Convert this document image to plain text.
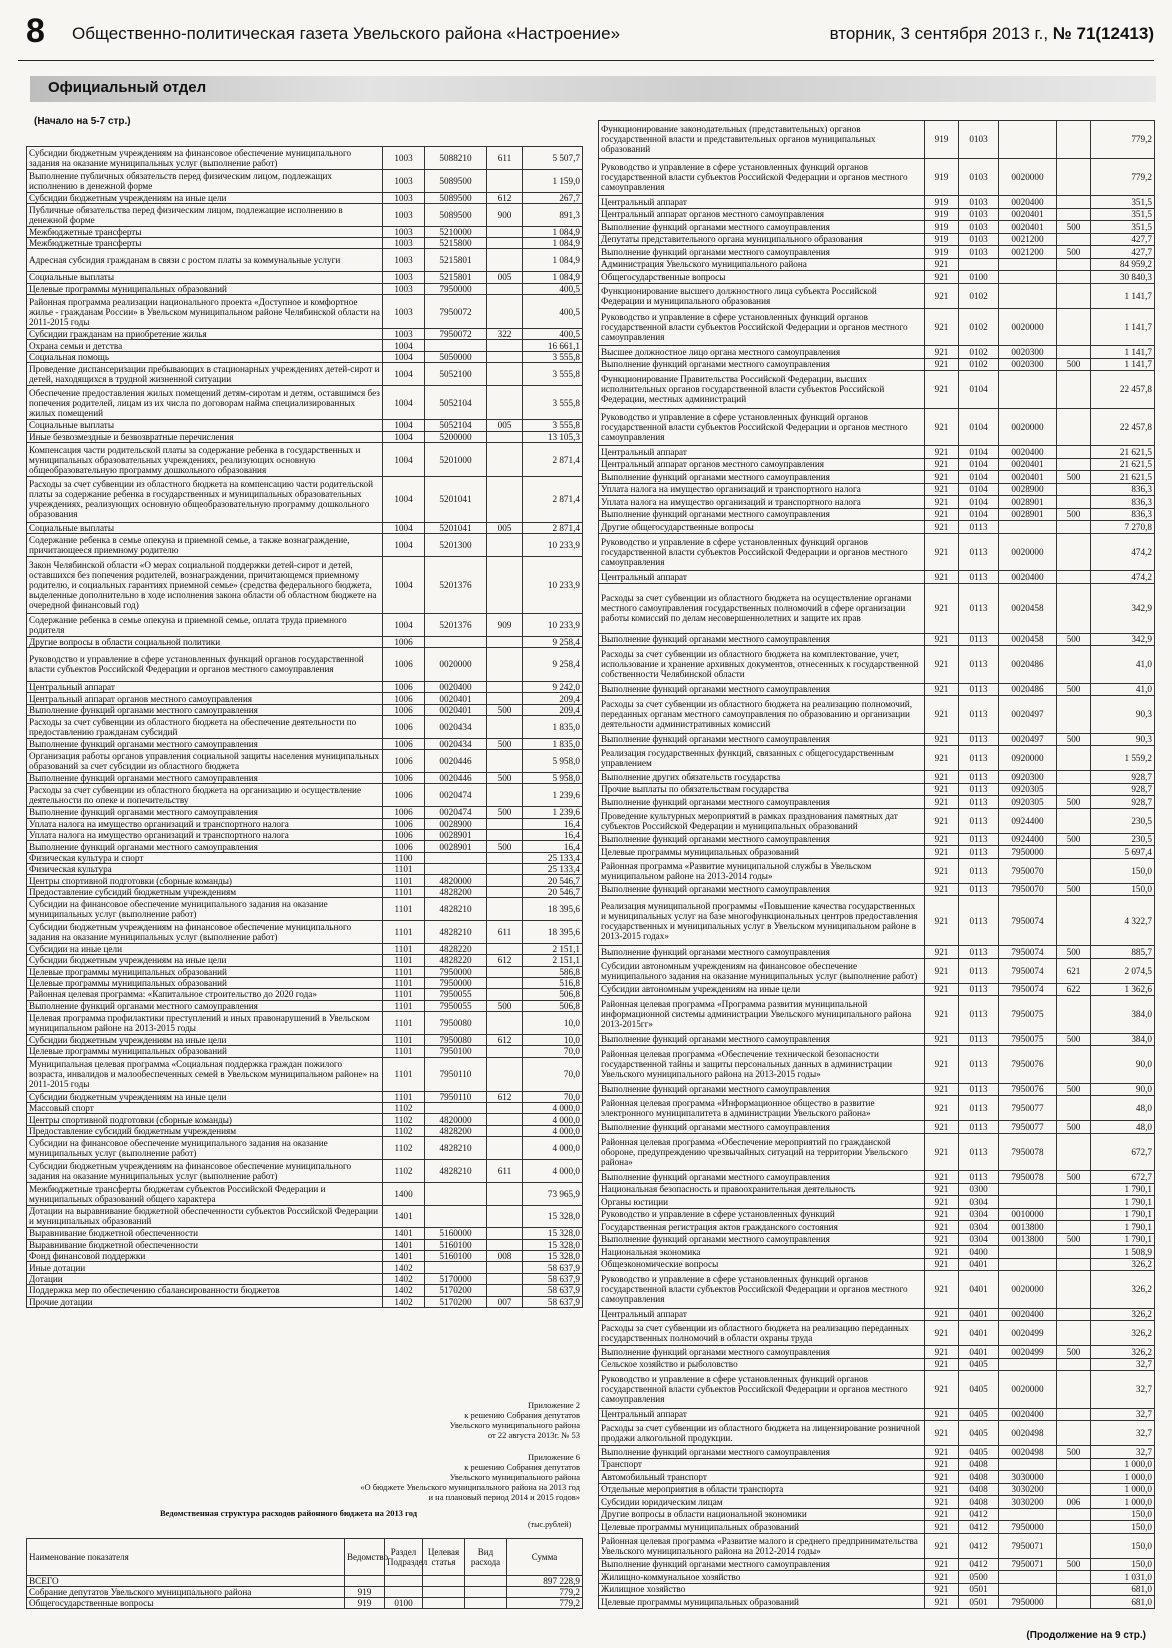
8 Общественно-политическая газета Увельского района «Настроение»	вторник, 3 сентября 2013 г., № 71(12413)
Официальный отдел
(Начало на 5-7 стр.)
Субсидии бюджетным учреждениям на финансовое обеспечение муниципального задания на оказание муниципальных услуг (выполнение работ)	1003	5088210	611	5 507,7
Выполнение публичных обязательств перед физическим лицом, подлежащих исполнению в денежной форме	1003	5089500		1 159,0
Субсидии бюджетным учреждениям на иные цели	1003	5089500	612	267,7
Публичные обязательства перед физическим лицом, подлежащие исполнению в денежной форме	1003	5089500	900	891,3
Межбюджетные трансферты	1003	5210000		1 084,9
Межбюджетные трансферты	1003	5215800		1 084,9
Адресная субсидия гражданам в связи с ростом платы за коммунальные услуги	1003	5215801		1 084,9
Социальные выплаты	1003	5215801	005	1 084,9
Целевые программы муниципальных образований	1003	7950000		400,5
Районная программа реализации национального проекта «Доступное и комфортное жилье - гражданам России» в Увельском муниципальном районе Челябинской области на 2011-2015 годы	1003	7950072		400,5
Субсидии гражданам на приобретение жилья	1003	7950072	322	400,5
Охрана семьи и детства	1004			16 661,1
Социальная помощь	1004	5050000		3 555,8
Проведение диспансеризации пребывающих в стационарных учреждениях детей-сирот и детей, находящихся в трудной жизненной ситуации	1004	5052100		3 555,8
Обеспечение предоставления жилых помещений детям-сиротам и детям, оставшимся без попечения родителей, лицам из их числа по договорам найма специализированных жилых помещений	1004	5052104		3 555,8
Социальные выплаты	1004	5052104	005	3 555,8
Иные безвозмездные и безвозвратные перечисления	1004	5200000		13 105,3
Компенсация части родительской платы за содержание ребенка в государственных и муниципальных образовательных учреждениях, реализующих основную общеобразовательную программу дошкольного образования	1004	5201000		2 871,4
Расходы за счет субвенции из областного бюджета на компенсацию части родительской платы за содержание ребенка в государственных и муниципальных образовательных учреждениях, реализующих основную общеобразовательную программу дошкольного образования	1004	5201041		2 871,4
Социальные выплаты	1004	5201041	005	2 871,4
Содержание ребенка в семье опекуна и приемной семье, а также вознаграждение, причитающееся приемному родителю	1004	5201300		10 233,9
Закон Челябинской области «О мерах социальной поддержки детей-сирот и детей, оставшихся без попечения родителей, вознаграждении, причитающемся приемному родителю, и социальных гарантиях приемной семье» (средства федерального бюджета, выделенные дополнительно в ходе исполнения закона области об областном бюджете на очередной финансовый год)	1004	5201376		10 233,9
Содержание ребенка в семье опекуна и приемной семье, оплата труда приемного родителя	1004	5201376	909	10 233,9
Другие вопросы в области социальной политики	1006			9 258,4
Руководство и управление в сфере установленных функций органов государственной власти субъектов Российской Федерации и органов местного самоуправления	1006	0020000		9 258,4
Центральный аппарат	1006	0020400		9 242,0
Центральный аппарат органов местного самоуправления	1006	0020401		209,4
Выполнение функций органами местного самоуправления	1006	0020401	500	209,4
Расходы за счет субвенции из областного бюджета на обеспечение деятельности по предоставлению гражданам субсидий	1006	0020434		1 835,0
Выполнение функций органами местного самоуправления	1006	0020434	500	1 835,0
Организация работы органов управления социальной защиты населения муниципальных образований за счет субсидии из областного бюджета	1006	0020446		5 958,0
Выполнение функций органами местного самоуправления	1006	0020446	500	5 958,0
Расходы за счет субвенции из областного бюджета на организацию и осуществление деятельности по опеке и попечительству	1006	0020474		1 239,6
Выполнение функций органами местного самоуправления	1006	0020474	500	1 239,6
Уплата налога на имущество организаций и транспортного налога	1006	0028900		16,4
Уплата налога на имущество организаций и транспортного налога	1006	0028901		16,4
Выполнение функций органами местного самоуправления	1006	0028901	500	16,4
Физическая культура и спорт	1100			25 133,4
Физическая культура	1101			25 133,4
Центры спортивной подготовки (сборные команды)	1101	4820000		20 546,7
Предоставление субсидий бюджетным учреждениям	1101	4828200		20 546,7
Субсидии на финансовое обеспечение муниципального задания на оказание муниципальных услуг (выполнение работ)	1101	4828210		18 395,6
Субсидии бюджетным учреждениям на финансовое обеспечение муниципального задания на оказание муниципальных услуг (выполнение работ)	1101	4828210	611	18 395,6
Субсидии на иные цели	1101	4828220		2 151,1
Субсидии бюджетным учреждениям на иные цели	1101	4828220	612	2 151,1
Целевые программы муниципальных образований	1101	7950000		586,8
Целевые программы муниципальных образований	1101	7950000		516,8
Районная целевая программа: «Капитальное строительство до 2020 года»	1101	7950055		506,8
Выполнение функций органами местного самоуправления	1101	7950055	500	506,8
Целевая программа профилактики преступлений и иных правонарушений в Увельском муниципальном районе на 2013-2015 годы	1101	7950080		10,0
Субсидии бюджетным учреждениям на иные цели	1101	7950080	612	10,0
Целевые программы муниципальных образований	1101	7950100		70,0
Муниципальная целевая программа «Социальная поддержка граждан пожилого возраста, инвалидов и малообеспеченных семей в Увельском муниципальном районе» на 2011-2015 годы	1101	7950110		70,0
Субсидии бюджетным учреждениям на иные цели	1101	7950110	612	70,0
Массовый спорт	1102			4 000,0
Центры спортивной подготовки (сборные команды)	1102	4820000		4 000,0
Предоставление субсидий бюджетным учреждениям	1102	4828200		4 000,0
Субсидии на финансовое обеспечение муниципального задания на оказание муниципальных услуг (выполнение работ)	1102	4828210		4 000,0
Субсидии бюджетным учреждениям на финансовое обеспечение муниципального задания на оказание муниципальных услуг (выполнение работ)	1102	4828210	611	4 000,0
Межбюджетные трансферты бюджетам субъектов Российской Федерации и муниципальных образований общего характера	1400			73 965,9
Дотации на выравнивание бюджетной обеспеченности субъектов Российской Федерации и муниципальных образований	1401			15 328,0
Выравнивание бюджетной обеспеченности	1401	5160000		15 328,0
Выравнивание бюджетной обеспеченности	1401	5160100		15 328,0
Фонд финансовой поддержки	1401	5160100	008	15 328,0
Иные дотации	1402			58 637,9
Дотации	1402	5170000		58 637,9
Поддержка мер по обеспечению сбалансированности бюджетов	1402	5170200		58 637,9
Прочие дотации	1402	5170200	007	58 637,9
Приложение 2
к решению Собрания депутатов
Увельского муниципального района
от 22 августа 2013г. № 53
Приложение 6
к решению Собрания депутатов
Увельского муниципального района
«О бюджете Увельского муниципального района на 2013 год
и на плановый период 2014 и 2015 годов»
Ведомственная структура расходов районного бюджета на 2013 год
(тыс.рублей)
Наименование показателя	Ведомство	Раздел Подраздел	Целевая статья	Вид расхода	Сумма
ВСЕГО					897 228,9
Собрание депутатов Увельского муниципального района	919				779,2
Общегосударственные вопросы	919	0100			779,2
Функционирование законодательных (представительных) органов государственной власти и представительных органов муниципальных образований	919	0103			779,2
Руководство и управление в сфере установленных функций органов государственной власти субъектов Российской Федерации и органов местного самоуправления	919	0103	0020000		779,2
Центральный аппарат	919	0103	0020400		351,5
Центральный аппарат органов местного самоуправления	919	0103	0020401		351,5
Выполнение функций органами местного самоуправления	919	0103	0020401	500	351,5
Депутаты представительного органа муниципального образования	919	0103	0021200		427,7
Выполнение функций органами местного самоуправления	919	0103	0021200	500	427,7
Администрация Увельского муниципального района	921				84 959,2
Общегосударственные вопросы	921	0100			30 840,3
Функционирование высшего должностного лица субъекта Российской Федерации и муниципального образования	921	0102			1 141,7
Руководство и управление в сфере установленных функций органов государственной власти субъектов Российской Федерации и органов местного самоуправления	921	0102	0020000		1 141,7
Высшее должностное лицо органа местного самоуправления	921	0102	0020300		1 141,7
Выполнение функций органами местного самоуправления	921	0102	0020300	500	1 141,7
Функционирование Правительства Российской Федерации, высших исполнительных органов государственной власти субъектов Российской Федерации, местных администраций	921	0104			22 457,8
Руководство и управление в сфере установленных функций органов государственной власти субъектов Российской Федерации и органов местного самоуправления	921	0104	0020000		22 457,8
Центральный аппарат	921	0104	0020400		21 621,5
Центральный аппарат органов местного самоуправления	921	0104	0020401		21 621,5
Выполнение функций органами местного самоуправления	921	0104	0020401	500	21 621,5
Уплата налога на имущество организаций и транспортного налога	921	0104	0028900		836,3
Уплата налога на имущество организаций и транспортного налога	921	0104	0028901		836,3
Выполнение функций органами местного самоуправления	921	0104	0028901	500	836,3
Другие общегосударственные вопросы	921	0113			7 270,8
Руководство и управление в сфере установленных функций органов государственной власти субъектов Российской Федерации и органов местного самоуправления	921	0113	0020000		474,2
Центральный аппарат	921	0113	0020400		474,2
Расходы за счет субвенции из областного бюджета на осуществление органами местного самоуправления государственных полномочий в сфере организации работы комиссий по делам несовершеннолетних и защите их прав	921	0113	0020458		342,9
Выполнение функций органами местного самоуправления	921	0113	0020458	500	342,9
Расходы за счет субвенции из областного бюджета на комплектование, учет, использование и хранение архивных документов, отнесенных к государственной собственности Челябинской области	921	0113	0020486		41,0
Выполнение функций органами местного самоуправления	921	0113	0020486	500	41,0
Расходы за счет субвенции из областного бюджета на реализацию полномочий, переданных органам местного самоуправления по образованию и организации деятельности административных комиссий	921	0113	0020497		90,3
Выполнение функций органами местного самоуправления	921	0113	0020497	500	90,3
Реализация государственных функций, связанных с общегосударственным управлением	921	0113	0920000		1 559,2
Выполнение других обязательств государства	921	0113	0920300		928,7
Прочие выплаты по обязательствам государства	921	0113	0920305		928,7
Выполнение функций органами местного самоуправления	921	0113	0920305	500	928,7
Проведение культурных мероприятий в рамках празднования памятных дат субъектов Российской Федерации и муниципальных образований	921	0113	0924400		230,5
Выполнение функций органами местного самоуправления	921	0113	0924400	500	230,5
Целевые программы муниципальных образований	921	0113	7950000		5 697,4
Районная программа «Развитие муниципальной службы в Увельском муниципальном районе на 2013-2014 годы»	921	0113	7950070		150,0
Выполнение функций органами местного самоуправления	921	0113	7950070	500	150,0
Реализация муниципальной программы «Повышение качества государственных и муниципальных услуг на базе многофункциональных центров предоставления государственных и муниципальных услуг в Увельском муниципальном районе в 2013-2015 годах»	921	0113	7950074		4 322,7
Выполнение функций органами местного самоуправления	921	0113	7950074	500	885,7
Субсидии автономным учреждениям на финансовое обеспечение муниципального задания на оказание муниципальных услуг (выполнение работ)	921	0113	7950074	621	2 074,5
Субсидии автономным учреждениям на иные цели	921	0113	7950074	622	1 362,6
Районная целевая программа «Программа развития муниципальной информационной системы администрации Увельского муниципального района 2013-2015гг»	921	0113	7950075		384,0
Выполнение функций органами местного самоуправления	921	0113	7950075	500	384,0
Районная целевая программа «Обеспечение технической безопасности государственной тайны и защиты персональных данных в администрации Увельского муниципального района на 2013-2015 годы»	921	0113	7950076		90,0
Выполнение функций органами местного самоуправления	921	0113	7950076	500	90,0
Районная целевая программа «Информационное общество в развитие электронного муниципалитета в администрации Увельского района»	921	0113	7950077		48,0
Выполнение функций органами местного самоуправления	921	0113	7950077	500	48,0
Районная целевая программа «Обеспечение мероприятий по гражданской обороне, предупреждению чрезвычайных ситуаций на территории Увельского района»	921	0113	7950078		672,7
Выполнение функций органами местного самоуправления	921	0113	7950078	500	672,7
Национальная безопасность и правоохранительная деятельность	921	0300			1 790,1
Органы юстиции	921	0304			1 790,1
Руководство и управление в сфере установленных функций	921	0304	0010000		1 790,1
Государственная регистрация актов гражданского состояния	921	0304	0013800		1 790,1
Выполнение функций органами местного самоуправления	921	0304	0013800	500	1 790,1
Национальная экономика	921	0400			1 508,9
Общеэкономические вопросы	921	0401			326,2
Руководство и управление в сфере установленных функций органов государственной власти субъектов Российской Федерации и органов местного самоуправления	921	0401	0020000		326,2
Центральный аппарат	921	0401	0020400		326,2
Расходы за счет субвенции из областного бюджета на реализацию переданных государственных полномочий в области охраны труда	921	0401	0020499		326,2
Выполнение функций органами местного самоуправления	921	0401	0020499	500	326,2
Сельское хозяйство и рыболовство	921	0405			32,7
Руководство и управление в сфере установленных функций органов государственной власти субъектов Российской Федерации и органов местного самоуправления	921	0405	0020000		32,7
Центральный аппарат	921	0405	0020400		32,7
Расходы за счет субвенции из областного бюджета на лицензирование розничной продажи алкогольной продукции.	921	0405	0020498		32,7
Выполнение функций органами местного самоуправления	921	0405	0020498	500	32,7
Транспорт	921	0408			1 000,0
Автомобильный транспорт	921	0408	3030000		1 000,0
Отдельные мероприятия в области транспорта	921	0408	3030200		1 000,0
Субсидии юридическим лицам	921	0408	3030200	006	1 000,0
Другие вопросы в области национальной экономики	921	0412			150,0
Целевые программы муниципальных образований	921	0412	7950000		150,0
Районная целевая программа «Развитие малого и среднего предпринимательства Увельского муниципального района на 2012-2014 годы»	921	0412	7950071		150,0
Выполнение функций органами местного самоуправления	921	0412	7950071	500	150,0
Жилищно-коммунальное хозяйство	921	0500			1 031,0
Жилищное хозяйство	921	0501			681,0
Целевые программы муниципальных образований	921	0501	7950000		681,0
(Продолжение на 9 стр.)
